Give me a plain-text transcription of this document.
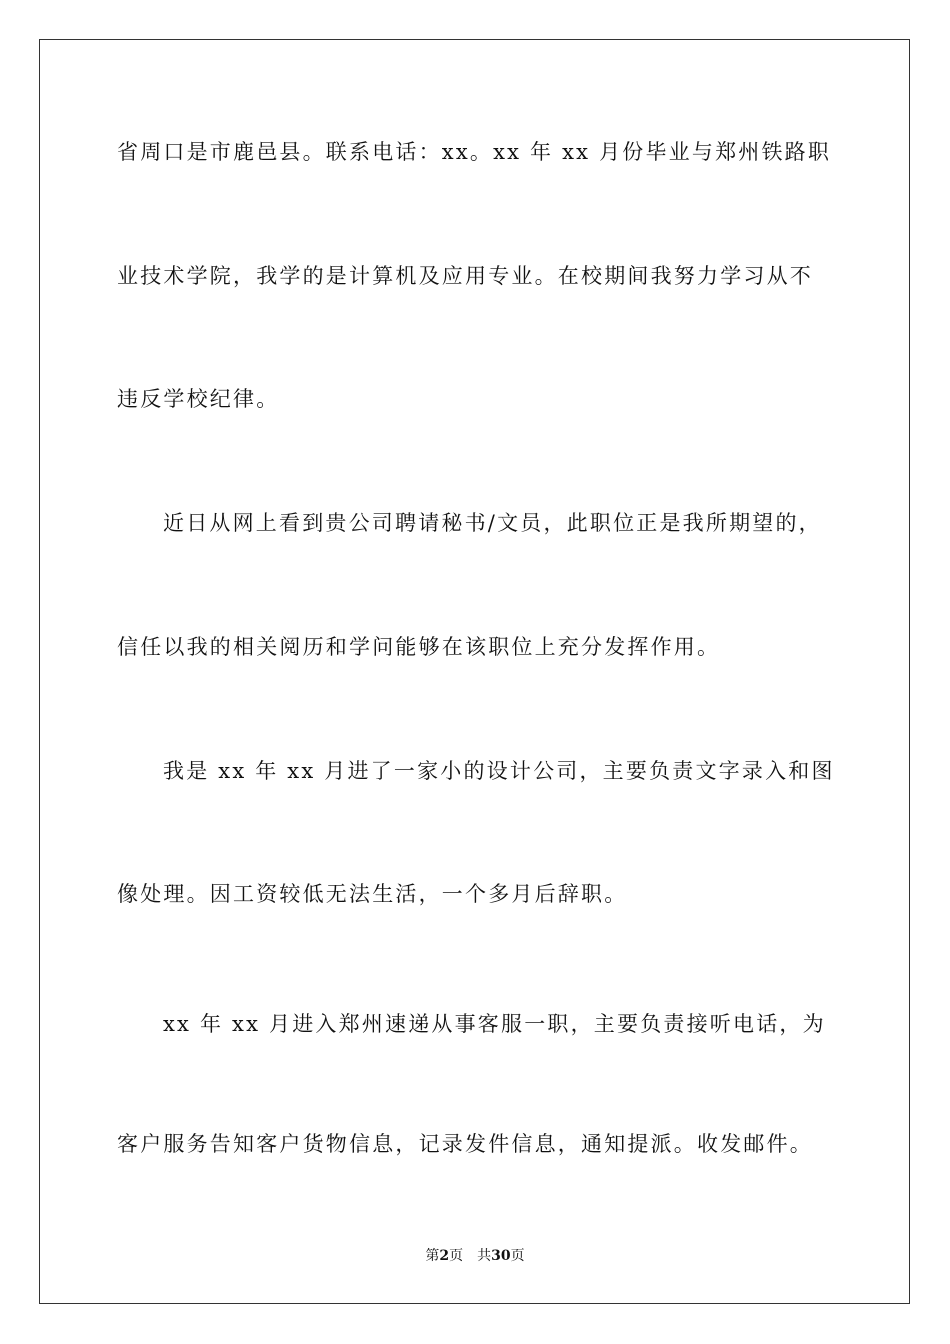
省周口是市鹿邑县。联系电话：xx。xx 年 xx 月份毕业与郑州铁路职
业技术学院，我学的是计算机及应用专业。在校期间我努力学习从不
违反学校纪律。
近日从网上看到贵公司聘请秘书/文员，此职位正是我所期望的，
信任以我的相关阅历和学问能够在该职位上充分发挥作用。
我是 xx 年 xx 月进了一家小的设计公司，主要负责文字录入和图
像处理。因工资较低无法生活，一个多月后辞职。
xx 年 xx 月进入郑州速递从事客服一职，主要负责接听电话，为
客户服务告知客户货物信息，记录发件信息，通知提派。收发邮件。
第2页 共30页
